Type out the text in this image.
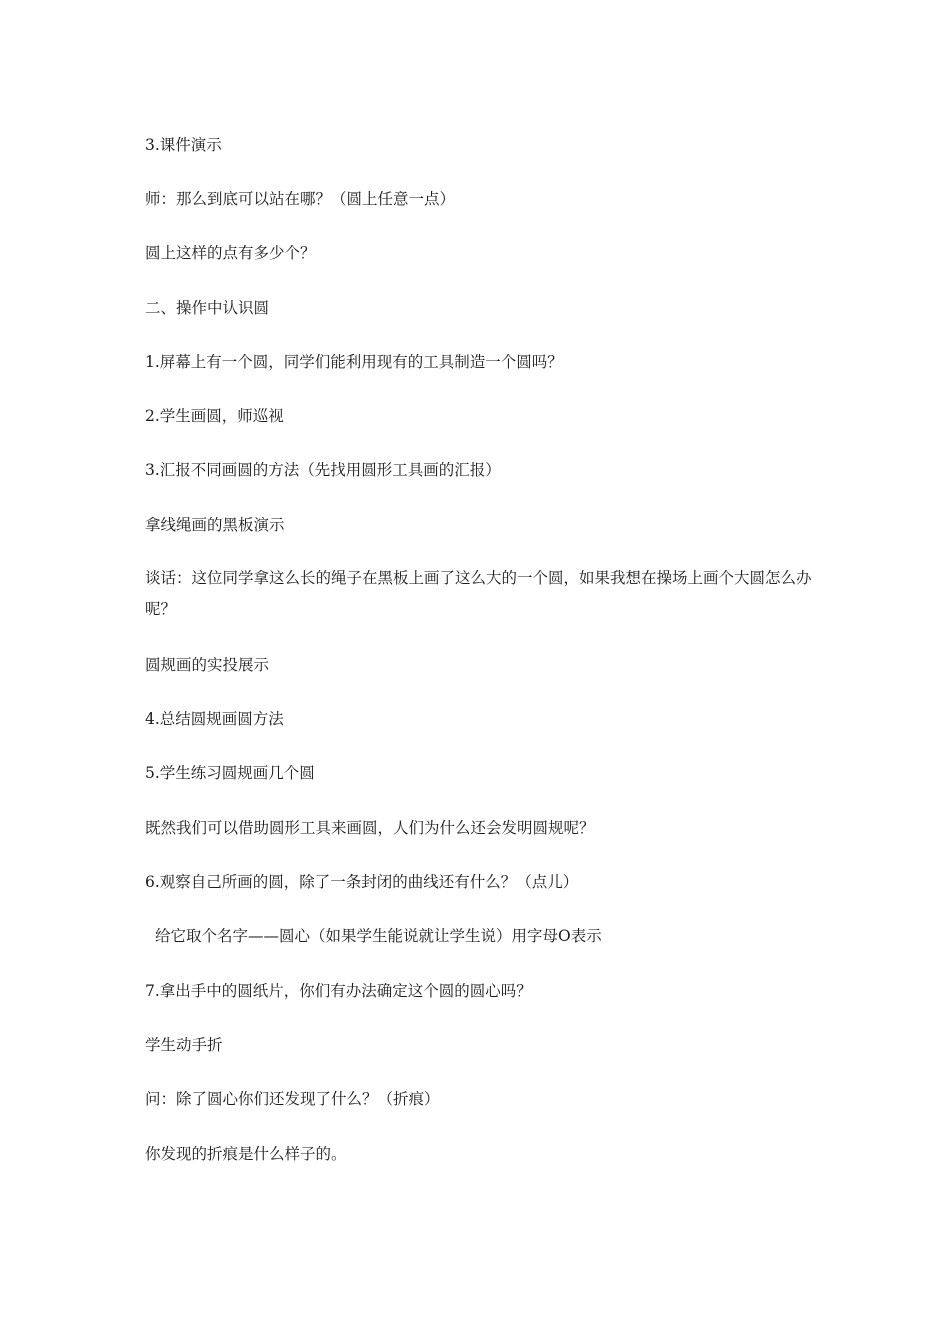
3.课件演示
师：那么到底可以站在哪？（圆上任意一点）
圆上这样的点有多少个？
二、操作中认识圆
1.屏幕上有一个圆，同学们能利用现有的工具制造一个圆吗？
2.学生画圆，师巡视
3.汇报不同画圆的方法（先找用圆形工具画的汇报）
拿线绳画的黑板演示
谈话：这位同学拿这么长的绳子在黑板上画了这么大的一个圆，如果我想在操场上画个大圆怎么办呢？
圆规画的实投展示
4.总结圆规画圆方法
5.学生练习圆规画几个圆
既然我们可以借助圆形工具来画圆，人们为什么还会发明圆规呢？
6.观察自己所画的圆，除了一条封闭的曲线还有什么？（点儿）
给它取个名字——圆心（如果学生能说就让学生说）用字母O表示
7.拿出手中的圆纸片，你们有办法确定这个圆的圆心吗？
学生动手折
问：除了圆心你们还发现了什么？（折痕）
你发现的折痕是什么样子的。
